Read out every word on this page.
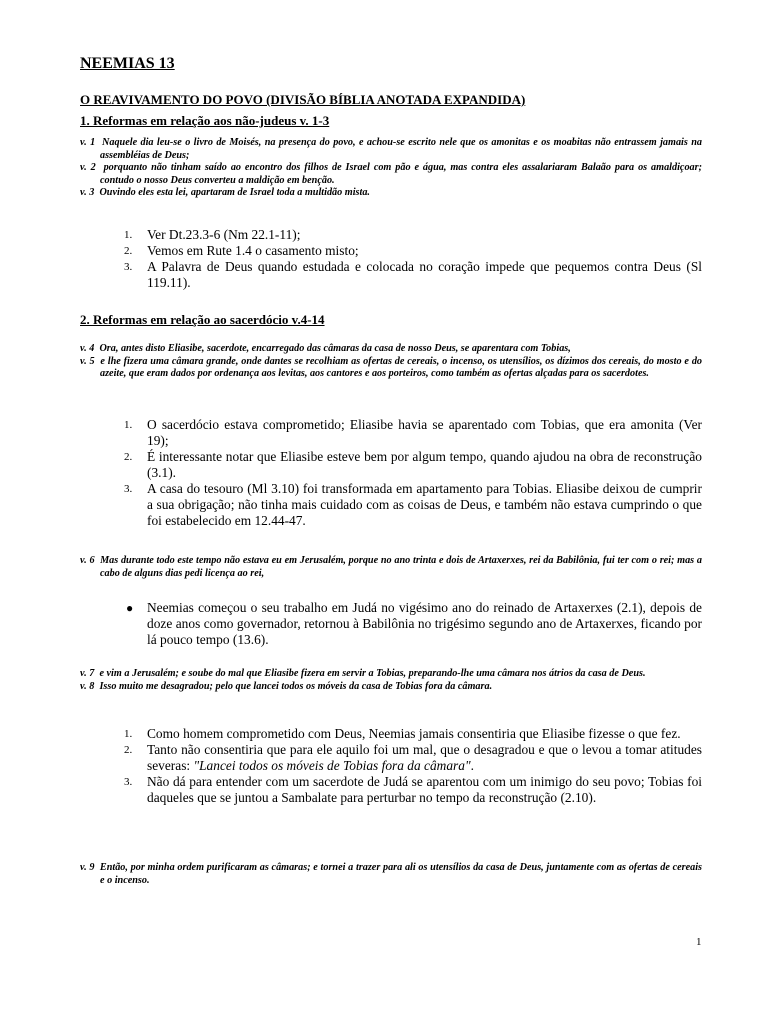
NEEMIAS 13
O REAVIVAMENTO DO POVO (DIVISÃO BÍBLIA ANOTADA EXPANDIDA)
1. Reformas em relação aos não-judeus v. 1-3

v. 1 Naquele dia leu-se o livro de Moisés, na presença do povo, e achou-se escrito nele que os amonitas e os moabitas não entrassem jamais na assembléias de Deus;

v. 2 porquanto não tinham saído ao encontro dos filhos de Israel com pão e água, mas contra eles assalariaram Balaão para os amaldiçoar; contudo o nosso Deus converteu a maldição em benção.

v. 3 Ouvindo eles esta lei, apartaram de Israel toda a multidão mista.

1. Ver Dt.23.3-6 (Nm 22.1-11);
2. Vemos em Rute 1.4 o casamento misto;
3. A Palavra de Deus quando estudada e colocada no coração impede que pequemos contra Deus (Sl 119.11).
2. Reformas em relação ao sacerdócio v.4-14

v. 4 Ora, antes disto Eliasibe, sacerdote, encarregado das câmaras da casa de nosso Deus, se aparentara com Tobias,

v. 5 e lhe fizera uma câmara grande, onde dantes se recolhiam as ofertas de cereais, o incenso, os utensílios, os dízimos dos cereais, do mosto e do azeite, que eram dados por ordenança aos levitas, aos cantores e aos porteiros, como também as ofertas alçadas para os sacerdotes.

1. O sacerdócio estava comprometido; Eliasibe havia se aparentado com Tobias, que era amonita (Ver 19);
2. É interessante notar que Eliasibe esteve bem por algum tempo, quando ajudou na obra de reconstrução (3.1).
3. A casa do tesouro (Ml 3.10) foi transformada em apartamento para Tobias. Eliasibe deixou de cumprir a sua obrigação; não tinha mais cuidado com as coisas de Deus, e também não estava cumprindo o que foi estabelecido em 12.44-47.

v. 6 Mas durante todo este tempo não estava eu em Jerusalém, porque no ano trinta e dois de Artaxerxes, rei da Babilônia, fui ter com o rei; mas a cabo de alguns dias pedi licença ao rei,

● Neemias começou o seu trabalho em Judá no vigésimo ano do reinado de Artaxerxes (2.1), depois de doze anos como governador, retornou à Babilônia no trigésimo segundo ano de Artaxerxes, ficando por lá pouco tempo (13.6).

v. 7 e vim a Jerusalém; e soube do mal que Eliasibe fizera em servir a Tobias, preparando-lhe uma câmara nos átrios da casa de Deus.

v. 8 Isso muito me desagradou; pelo que lancei todos os móveis da casa de Tobias fora da câmara.

1. Como homem comprometido com Deus, Neemias jamais consentiria que Eliasibe fizesse o que fez.
2. Tanto não consentiria que para ele aquilo foi um mal, que o desagradou e que o levou a tomar atitudes severas: "Lancei todos os móveis de Tobias fora da câmara".
3. Não dá para entender com um sacerdote de Judá se aparentou com um inimigo do seu povo; Tobias foi daqueles que se juntou a Sambalate para perturbar no tempo da reconstrução (2.10).

v. 9 Então, por minha ordem purificaram as câmaras; e tornei a trazer para ali os utensílios da casa de Deus, juntamente com as ofertas de cereais e o incenso.

1
